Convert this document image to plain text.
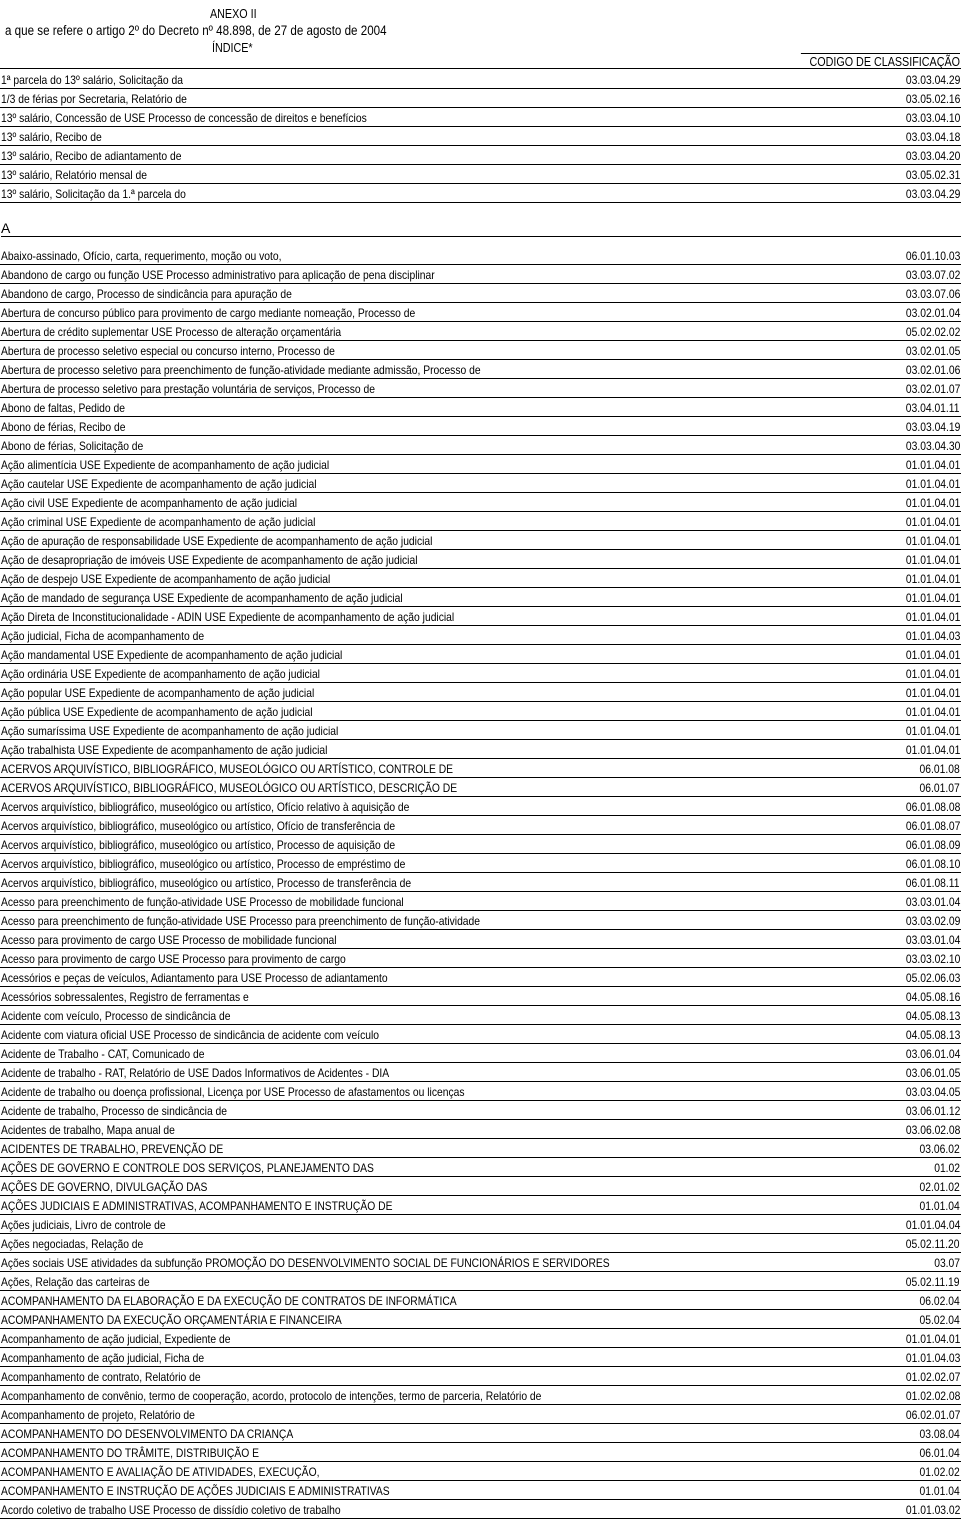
ANEXO II
a que se refere o artigo 2º do Decreto nº 48.898, de 27 de agosto de 2004
ÍNDICE*
CODIGO DE CLASSIFICAÇÃO
1ª parcela do 13º salário, Solicitação da	03.03.04.29
1/3 de férias por Secretaria, Relatório de	03.05.02.16
13º salário, Concessão de USE Processo de concessão de direitos e benefícios	03.03.04.10
13º salário, Recibo de	03.03.04.18
13º salário, Recibo de adiantamento de	03.03.04.20
13º salário, Relatório mensal de	03.05.02.31
13º salário, Solicitação da 1.ª parcela do	03.03.04.29
A
Abaixo-assinado, Ofício, carta, requerimento, moção ou voto,	06.01.10.03
Abandono de cargo ou função USE Processo administrativo para aplicação de pena disciplinar	03.03.07.02
Abandono de cargo, Processo de sindicância para apuração de	03.03.07.06
Abertura de concurso público para provimento de cargo mediante nomeação, Processo de	03.02.01.04
Abertura de crédito suplementar USE Processo de alteração orçamentária	05.02.02.02
Abertura de processo seletivo especial ou concurso interno, Processo de	03.02.01.05
Abertura de processo seletivo para preenchimento de função-atividade mediante admissão, Processo de	03.02.01.06
Abertura de processo seletivo para prestação voluntária de serviços, Processo de	03.02.01.07
Abono de faltas, Pedido de	03.04.01.11
Abono de férias, Recibo de	03.03.04.19
Abono de férias, Solicitação de	03.03.04.30
Ação alimentícia USE Expediente de acompanhamento de ação judicial	01.01.04.01
Ação cautelar USE Expediente de acompanhamento de ação judicial	01.01.04.01
Ação civil USE Expediente de acompanhamento de ação judicial	01.01.04.01
Ação criminal USE Expediente de acompanhamento de ação judicial	01.01.04.01
Ação de apuração de responsabilidade USE Expediente de acompanhamento de ação judicial	01.01.04.01
Ação de desapropriação de imóveis USE Expediente de acompanhamento de ação judicial	01.01.04.01
Ação de despejo USE Expediente de acompanhamento de ação judicial	01.01.04.01
Ação de mandado de segurança USE Expediente de acompanhamento de ação judicial	01.01.04.01
Ação Direta de Inconstitucionalidade - ADIN USE Expediente de acompanhamento de ação judicial	01.01.04.01
Ação judicial, Ficha de acompanhamento de	01.01.04.03
Ação mandamental USE Expediente de acompanhamento de ação judicial	01.01.04.01
Ação ordinária USE Expediente de acompanhamento de ação judicial	01.01.04.01
Ação popular USE Expediente de acompanhamento de ação judicial	01.01.04.01
Ação pública USE Expediente de acompanhamento de ação judicial	01.01.04.01
Ação sumaríssima USE Expediente de acompanhamento de ação judicial	01.01.04.01
Ação trabalhista USE Expediente de acompanhamento de ação judicial	01.01.04.01
ACERVOS ARQUIVÍSTICO, BIBLIOGRÁFICO, MUSEOLÓGICO OU ARTÍSTICO, CONTROLE DE	06.01.08
ACERVOS ARQUIVÍSTICO, BIBLIOGRÁFICO, MUSEOLÓGICO OU ARTÍSTICO, DESCRIÇÃO DE	06.01.07
Acervos arquivístico, bibliográfico, museológico ou artístico, Ofício relativo à aquisição de	06.01.08.08
Acervos arquivístico, bibliográfico, museológico ou artístico, Ofício de transferência de	06.01.08.07
Acervos arquivístico, bibliográfico, museológico ou artístico, Processo de aquisição de	06.01.08.09
Acervos arquivístico, bibliográfico, museológico ou artístico, Processo de empréstimo de	06.01.08.10
Acervos arquivístico, bibliográfico, museológico ou artístico, Processo de transferência de	06.01.08.11
Acesso para preenchimento de função-atividade USE Processo de mobilidade funcional	03.03.01.04
Acesso para preenchimento de função-atividade USE Processo para preenchimento de função-atividade	03.03.02.09
Acesso para provimento de cargo USE Processo de mobilidade funcional	03.03.01.04
Acesso para provimento de cargo USE Processo para provimento de cargo	03.03.02.10
Acessórios e peças de veículos, Adiantamento para USE Processo de adiantamento	05.02.06.03
Acessórios sobressalentes, Registro de ferramentas e	04.05.08.16
Acidente com veículo, Processo de sindicância de	04.05.08.13
Acidente com viatura oficial USE Processo de sindicância de acidente com veículo	04.05.08.13
Acidente de Trabalho - CAT, Comunicado de	03.06.01.04
Acidente de trabalho - RAT, Relatório de USE Dados Informativos de Acidentes - DIA	03.06.01.05
Acidente de trabalho ou doença profissional, Licença por USE Processo de afastamentos ou licenças	03.03.04.05
Acidente de trabalho, Processo de sindicância de	03.06.01.12
Acidentes de trabalho, Mapa anual de	03.06.02.08
ACIDENTES DE TRABALHO, PREVENÇÃO DE	03.06.02
AÇÕES DE GOVERNO E CONTROLE DOS SERVIÇOS, PLANEJAMENTO DAS	01.02
AÇÕES DE GOVERNO, DIVULGAÇÃO DAS	02.01.02
AÇÕES JUDICIAIS E ADMINISTRATIVAS, ACOMPANHAMENTO E INSTRUÇÃO DE	01.01.04
Ações judiciais, Livro de controle de	01.01.04.04
Ações negociadas, Relação de	05.02.11.20
Ações sociais USE atividades da subfunção PROMOÇÃO DO DESENVOLVIMENTO SOCIAL DE FUNCIONÁRIOS E SERVIDORES	03.07
Ações, Relação das carteiras de	05.02.11.19
ACOMPANHAMENTO DA ELABORAÇÃO E DA EXECUÇÃO DE CONTRATOS DE INFORMÁTICA	06.02.04
ACOMPANHAMENTO DA EXECUÇÃO ORÇAMENTÁRIA E FINANCEIRA	05.02.04
Acompanhamento de ação judicial, Expediente de	01.01.04.01
Acompanhamento de ação judicial, Ficha de	01.01.04.03
Acompanhamento de contrato, Relatório de	01.02.02.07
Acompanhamento de convênio, termo de cooperação, acordo, protocolo de intenções, termo de parceria, Relatório de	01.02.02.08
Acompanhamento de projeto, Relatório de	06.02.01.07
ACOMPANHAMENTO DO DESENVOLVIMENTO DA CRIANÇA	03.08.04
ACOMPANHAMENTO DO TRÂMITE, DISTRIBUIÇÃO E	06.01.04
ACOMPANHAMENTO E AVALIAÇÃO DE ATIVIDADES, EXECUÇÃO,	01.02.02
ACOMPANHAMENTO E INSTRUÇÃO DE AÇÕES JUDICIAIS E ADMINISTRATIVAS	01.01.04
Acordo coletivo de trabalho USE Processo de dissídio coletivo de trabalho	01.01.03.02
